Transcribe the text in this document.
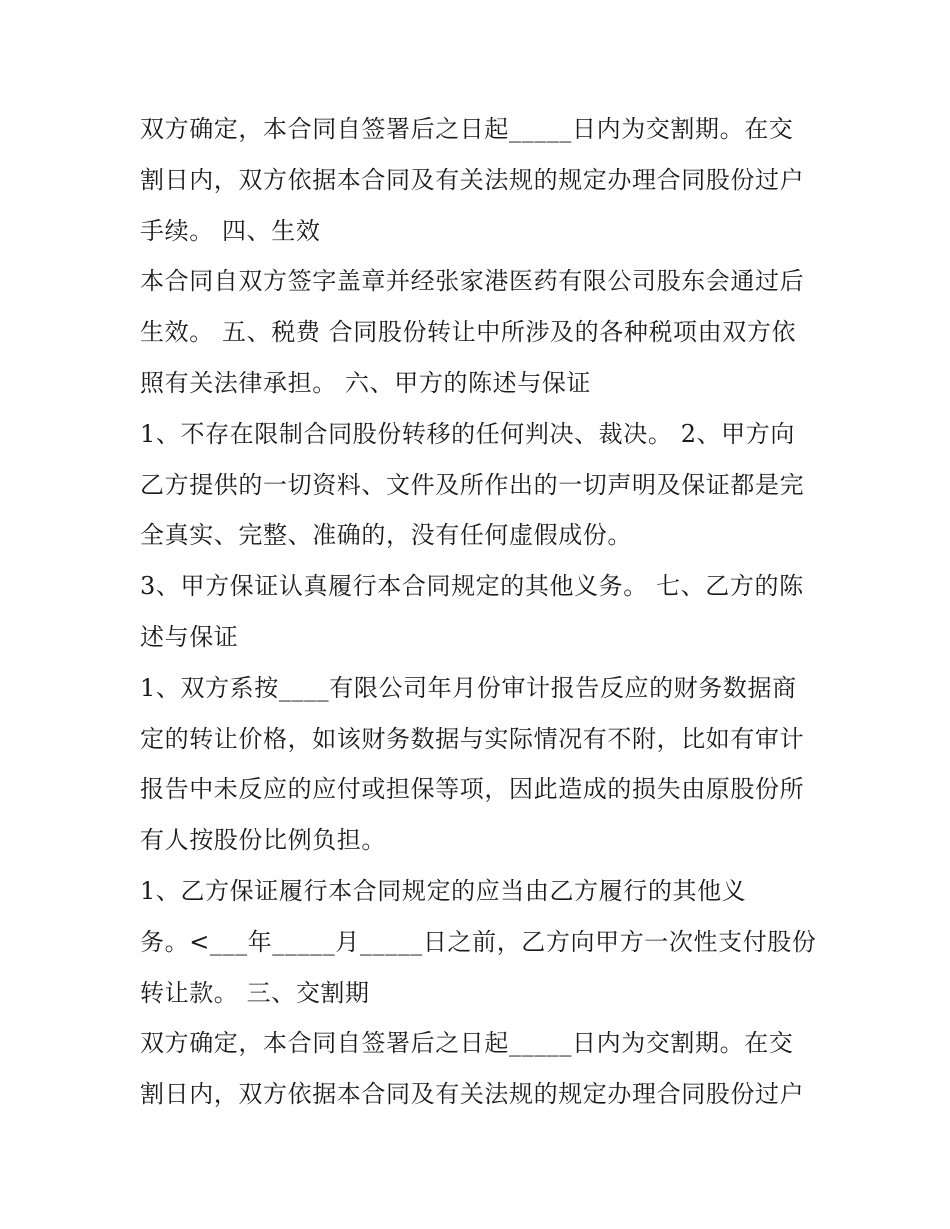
双方确定，本合同自签署后之日起_____日内为交割期。在交
割日内，双方依据本合同及有关法规的规定办理合同股份过户
手续。 四、生效
本合同自双方签字盖章并经张家港医药有限公司股东会通过后
生效。 五、税费 合同股份转让中所涉及的各种税项由双方依
照有关法律承担。 六、甲方的陈述与保证
1、不存在限制合同股份转移的任何判决、裁决。 2、甲方向
乙方提供的一切资料、文件及所作出的一切声明及保证都是完
全真实、完整、准确的，没有任何虚假成份。
3、甲方保证认真履行本合同规定的其他义务。 七、乙方的陈
述与保证
1、双方系按____有限公司年月份审计报告反应的财务数据商
定的转让价格，如该财务数据与实际情况有不附，比如有审计
报告中未反应的应付或担保等项，因此造成的损失由原股份所
有人按股份比例负担。
1、乙方保证履行本合同规定的应当由乙方履行的其他义
务。<___年_____月_____日之前，乙方向甲方一次性支付股份
转让款。 三、交割期
双方确定，本合同自签署后之日起_____日内为交割期。在交
割日内，双方依据本合同及有关法规的规定办理合同股份过户
